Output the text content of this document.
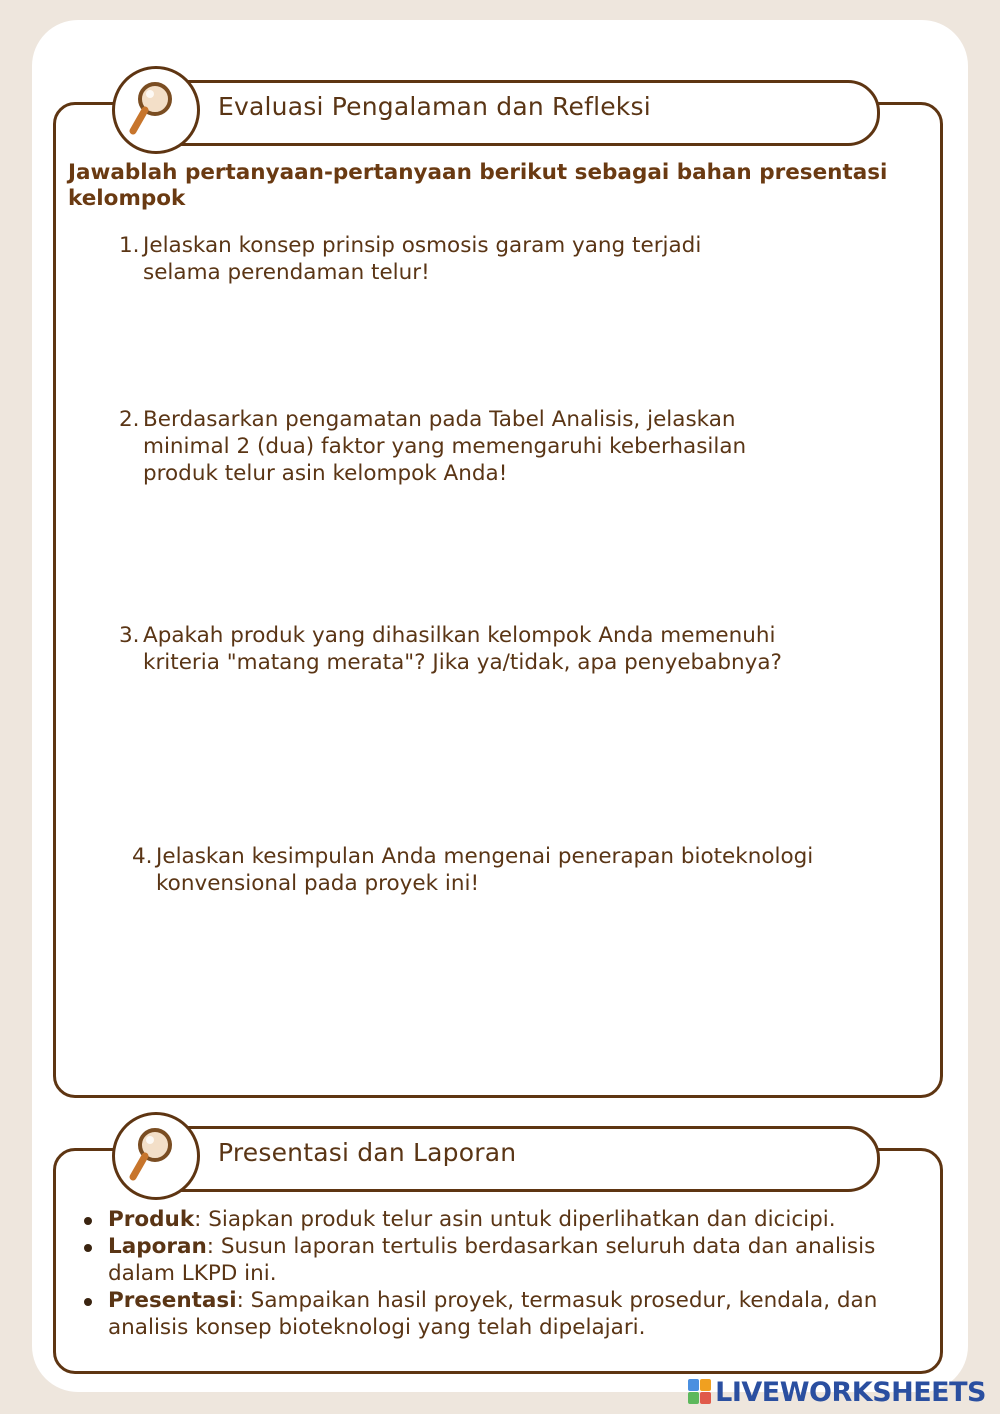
Evaluasi Pengalaman dan Refleksi
Jawablah pertanyaan-pertanyaan berikut sebagai bahan presentasi kelompok
1. Jelaskan konsep prinsip osmosis garam yang terjadi selama perendaman telur!
2. Berdasarkan pengamatan pada Tabel Analisis, jelaskan minimal 2 (dua) faktor yang memengaruhi keberhasilan produk telur asin kelompok Anda!
3. Apakah produk yang dihasilkan kelompok Anda memenuhi kriteria "matang merata"? Jika ya/tidak, apa penyebabnya?
4. Jelaskan kesimpulan Anda mengenai penerapan bioteknologi konvensional pada proyek ini!
Presentasi dan Laporan
Produk: Siapkan produk telur asin untuk diperlihatkan dan dicicipi.
Laporan: Susun laporan tertulis berdasarkan seluruh data dan analisis dalam LKPD ini.
Presentasi: Sampaikan hasil proyek, termasuk prosedur, kendala, dan analisis konsep bioteknologi yang telah dipelajari.
LIVEWORKSHEETS
